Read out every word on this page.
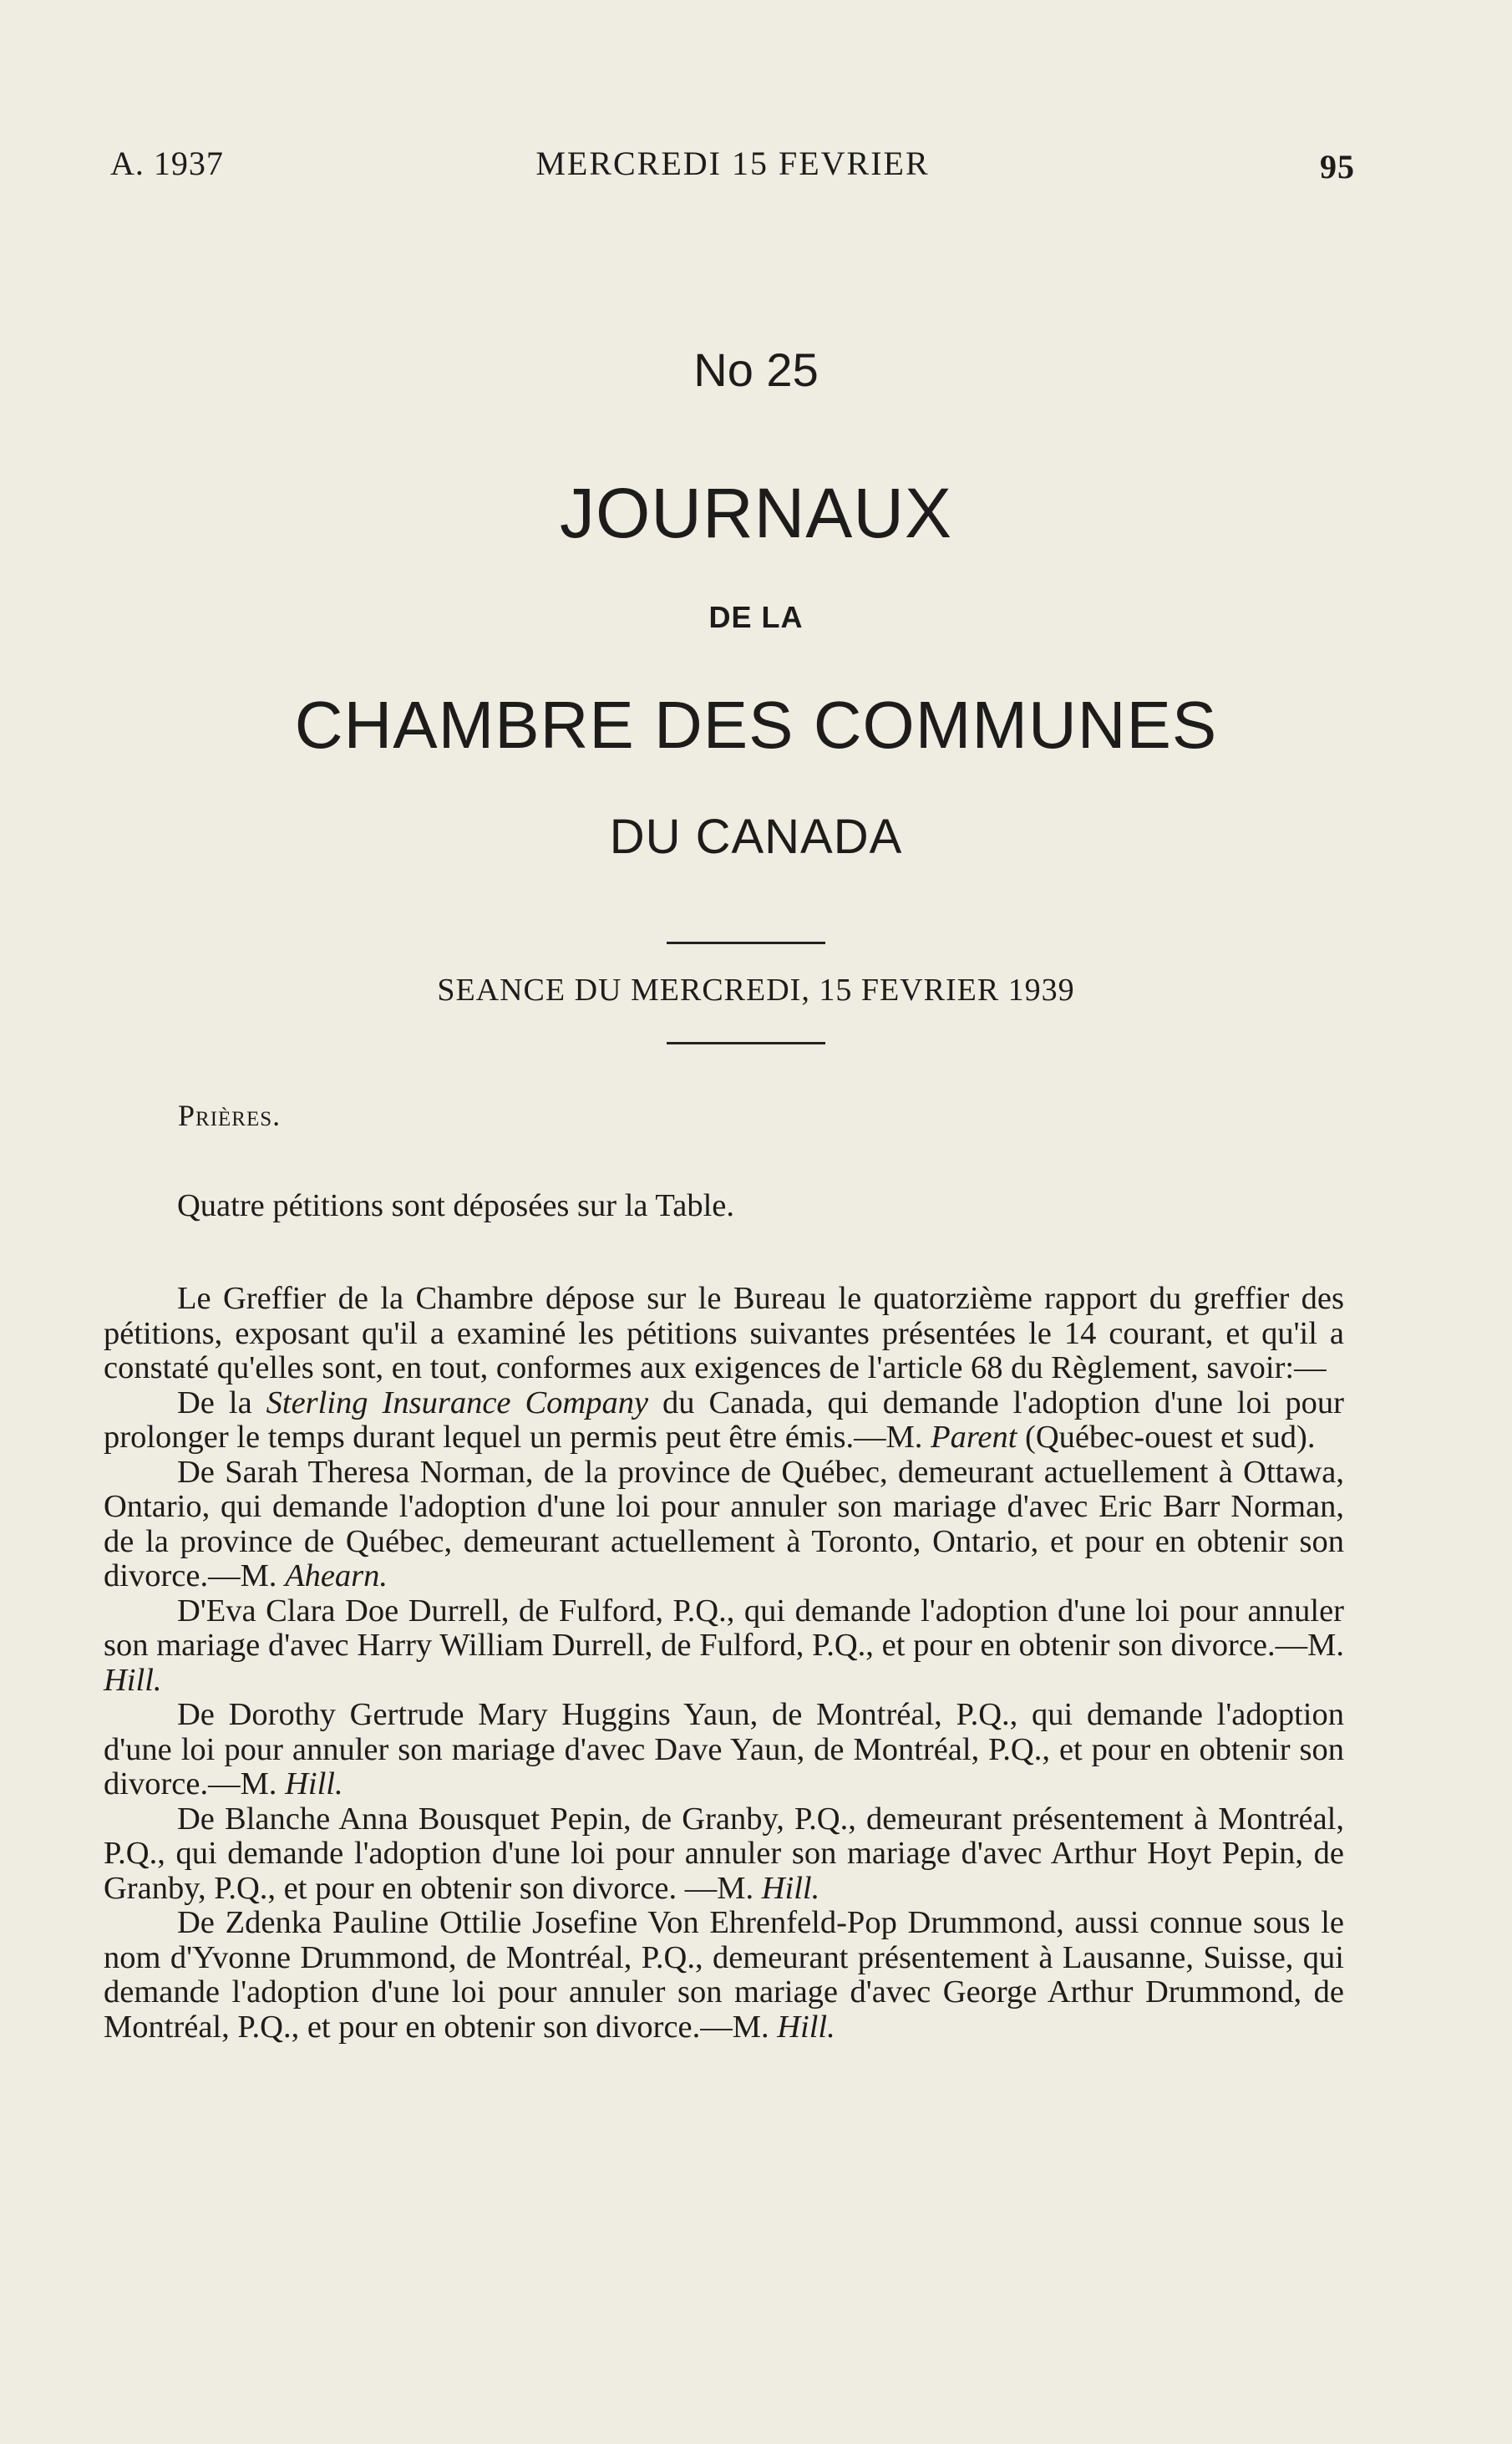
A. 1937	MERCREDI 15 FEVRIER	95
No 25
JOURNAUX
DE LA
CHAMBRE DES COMMUNES
DU CANADA
SEANCE DU MERCREDI, 15 FEVRIER 1939
Prières.

Quatre pétitions sont déposées sur la Table.

Le Greffier de la Chambre dépose sur le Bureau le quatorzième rapport du greffier des pétitions, exposant qu'il a examiné les pétitions suivantes présentées le 14 courant, et qu'il a constaté qu'elles sont, en tout, conformes aux exigences de l'article 68 du Règlement, savoir:—

De la Sterling Insurance Company du Canada, qui demande l'adoption d'une loi pour prolonger le temps durant lequel un permis peut être émis.—M. Parent (Québec-ouest et sud).

De Sarah Theresa Norman, de la province de Québec, demeurant actuellement à Ottawa, Ontario, qui demande l'adoption d'une loi pour annuler son mariage d'avec Eric Barr Norman, de la province de Québec, demeurant actuellement à Toronto, Ontario, et pour en obtenir son divorce.—M. Ahearn.

D'Eva Clara Doe Durrell, de Fulford, P.Q., qui demande l'adoption d'une loi pour annuler son mariage d'avec Harry William Durrell, de Fulford, P.Q., et pour en obtenir son divorce.—M. Hill.

De Dorothy Gertrude Mary Huggins Yaun, de Montréal, P.Q., qui demande l'adoption d'une loi pour annuler son mariage d'avec Dave Yaun, de Montréal, P.Q., et pour en obtenir son divorce.—M. Hill.

De Blanche Anna Bousquet Pepin, de Granby, P.Q., demeurant présentement à Montréal, P.Q., qui demande l'adoption d'une loi pour annuler son mariage d'avec Arthur Hoyt Pepin, de Granby, P.Q., et pour en obtenir son divorce. —M. Hill.

De Zdenka Pauline Ottilie Josefine Von Ehrenfeld-Pop Drummond, aussi connue sous le nom d'Yvonne Drummond, de Montréal, P.Q., demeurant présentement à Lausanne, Suisse, qui demande l'adoption d'une loi pour annuler son mariage d'avec George Arthur Drummond, de Montréal, P.Q., et pour en obtenir son divorce.—M. Hill.
